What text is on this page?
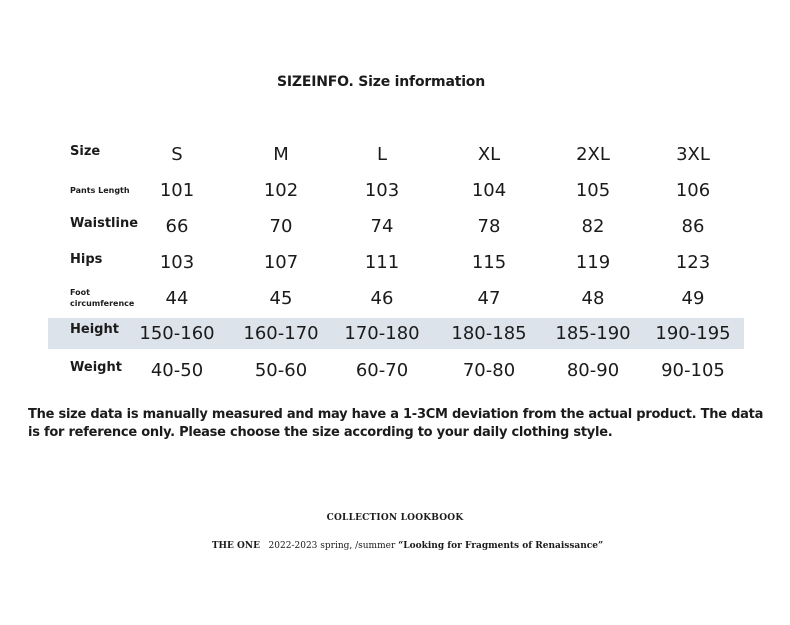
SIZEINFO. Size information
Size	S	M	L	XL	2XL	3XL
Pants Length	101	102	103	104	105	106
Waistline	66	70	74	78	82	86
Hips	103	107	111	115	119	123
Foot circumference	44	45	46	47	48	49
Height	150-160	160-170	170-180	180-185	185-190	190-195
Weight	40-50	50-60	60-70	70-80	80-90	90-105
The size data is manually measured and may have a 1-3CM deviation from the actual product. The data is for reference only. Please choose the size according to your daily clothing style.
COLLECTION LOOKBOOK
THE ONE 2022-2023 spring, /summer “Looking for Fragments of Renaissance”
